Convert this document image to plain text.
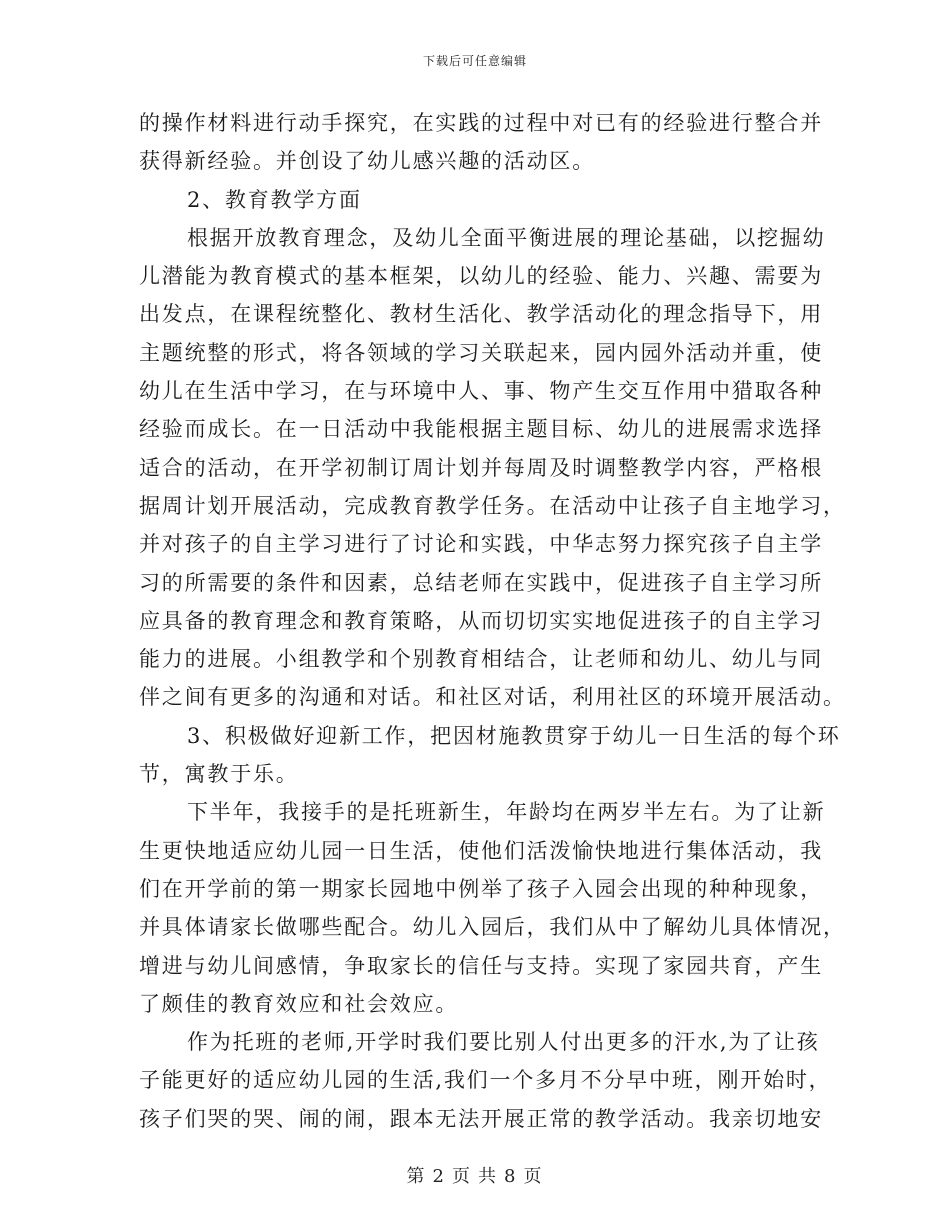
下载后可任意编辑
的操作材料进行动手探究，在实践的过程中对已有的经验进行整合并
获得新经验。并创设了幼儿感兴趣的活动区。
2、教育教学方面
根据开放教育理念，及幼儿全面平衡进展的理论基础，以挖掘幼
儿潜能为教育模式的基本框架，以幼儿的经验、能力、兴趣、需要为
出发点，在课程统整化、教材生活化、教学活动化的理念指导下，用
主题统整的形式，将各领域的学习关联起来，园内园外活动并重，使
幼儿在生活中学习，在与环境中人、事、物产生交互作用中猎取各种
经验而成长。在一日活动中我能根据主题目标、幼儿的进展需求选择
适合的活动，在开学初制订周计划并每周及时调整教学内容，严格根
据周计划开展活动，完成教育教学任务。在活动中让孩子自主地学习，
并对孩子的自主学习进行了讨论和实践，中华志努力探究孩子自主学
习的所需要的条件和因素，总结老师在实践中，促进孩子自主学习所
应具备的教育理念和教育策略，从而切切实实地促进孩子的自主学习
能力的进展。小组教学和个别教育相结合，让老师和幼儿、幼儿与同
伴之间有更多的沟通和对话。和社区对话，利用社区的环境开展活动。
3、积极做好迎新工作，把因材施教贯穿于幼儿一日生活的每个环
节，寓教于乐。
下半年，我接手的是托班新生，年龄均在两岁半左右。为了让新
生更快地适应幼儿园一日生活，使他们活泼愉快地进行集体活动，我
们在开学前的第一期家长园地中例举了孩子入园会出现的种种现象，
并具体请家长做哪些配合。幼儿入园后，我们从中了解幼儿具体情况，
增进与幼儿间感情，争取家长的信任与支持。实现了家园共育，产生
了颇佳的教育效应和社会效应。
作为托班的老师,开学时我们要比别人付出更多的汗水,为了让孩
子能更好的适应幼儿园的生活,我们一个多月不分早中班，刚开始时，
孩子们哭的哭、闹的闹，跟本无法开展正常的教学活动。我亲切地安
第 2 页 共 8 页
